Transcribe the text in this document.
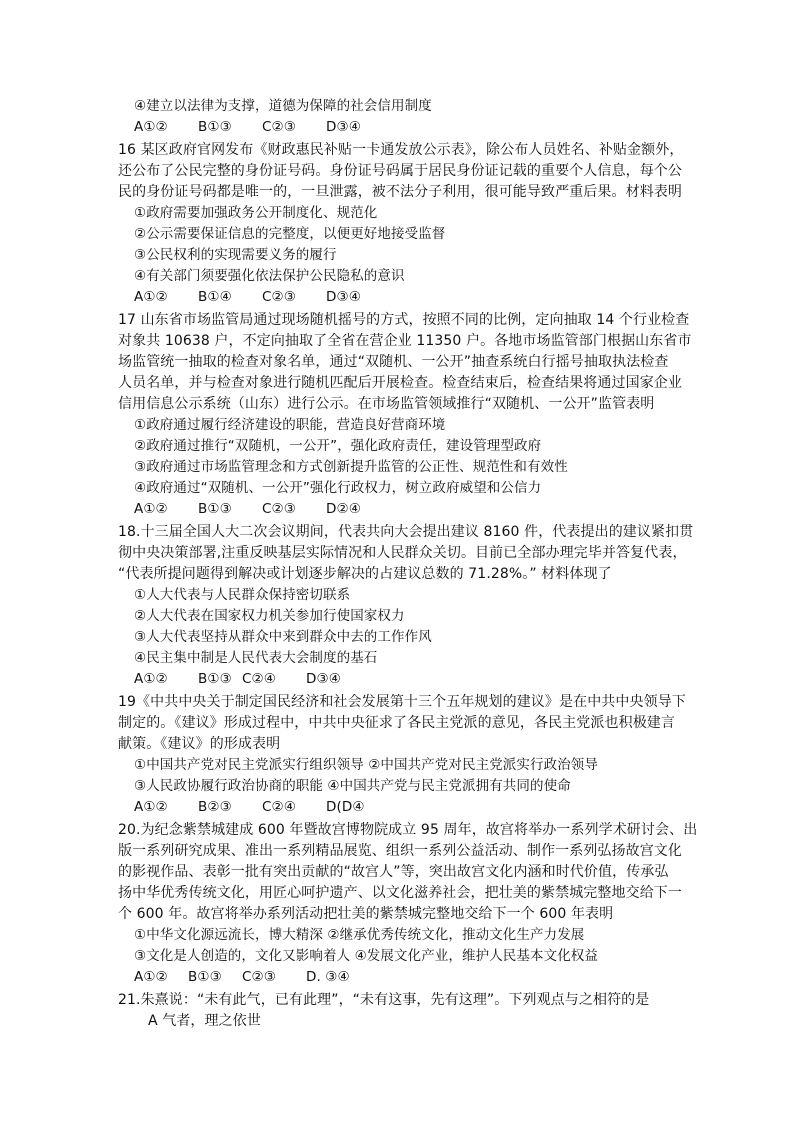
④建立以法律为支撑，道德为保障的社会信用制度
A①② B①③ C②③ D③④
16 某区政府官网发布《财政惠民补贴一卡通发放公示表》，除公布人员姓名、补贴金额外，
还公布了公民完整的身份证号码。身份证号码属于居民身份证记载的重要个人信息，每个公
民的身份证号码都是唯一的，一旦泄露，被不法分子利用，很可能导致严重后果。材料表明
①政府需要加强政务公开制度化、规范化
②公示需要保证信息的完整度，以便更好地接受监督
③公民权利的实现需要义务的履行
④有关部门须要强化依法保护公民隐私的意识
A①② B①④ C②③ D③④
17 山东省市场监管局通过现场随机摇号的方式，按照不同的比例，定向抽取 14 个行业检查
对象共 10638 户，不定向抽取了全省在营企业 11350 户。各地市场监管部门根据山东省市
场监管统一抽取的检查对象名单，通过“双随机、一公开”抽查系统白行摇号抽取执法检查
人员名单，并与检查对象进行随机匹配后开展检查。检查结束后，检查结果将通过国家企业
信用信息公示系统（山东）进行公示。在市场监管领域推行“双随机、一公开”监管表明
①政府通过履行经济建设的职能，营造良好营商环境
②政府通过推行“双随机，一公开”，强化政府责任，建设管理型政府
③政府通过市场监管理念和方式创新提升监管的公正性、规范性和有效性
④政府通过“双随机、一公开”强化行政权力，树立政府威望和公信力
A①② B①③ C②③ D②④
18.十三届全国人大二次会议期间，代表共向大会提出建议 8160 件，代表提出的建议紧扣贯
彻中央决策部署,注重反映基层实际情况和人民群众关切。目前已全部办理完毕并答复代表，
“代表所提问题得到解决或计划逐步解决的占建议总数的 71.28%。” 材料体现了
①人大代表与人民群众保持密切联系
②人大代表在国家权力机关参加行使国家权力
③人大代表坚持从群众中来到群众中去的工作作风
④民主集中制是人民代表大会制度的基石
A①② B①③ C②④ D③④
19《中共中央关于制定国民经济和社会发展第十三个五年规划的建议》是在中共中央领导下
制定的。《建议》形成过程中，中共中央征求了各民主党派的意见，各民主党派也积极建言
献策。《建议》的形成表明
①中国共产党对民主党派实行组织领导 ②中国共产党对民主党派实行政治领导
③人民政协履行政治协商的职能 ④中国共产党与民主党派拥有共同的使命
A①② B②③ C②④ D(D④
20.为纪念紫禁城建成 600 年暨故宫博物院成立 95 周年，故宫将举办一系列学术研讨会、出
版一系列研究成果、准出一系列精品展览、组织一系列公益活动、制作一系列弘扬故宫文化
的影视作品、表彰一批有突出贡献的“故宫人”等，突出故宫文化内涵和时代价值，传承弘
扬中华优秀传统文化，用匠心呵护遗产、以文化滋养社会，把壮美的紫禁城完整地交给下一
个 600 年。故宫将举办系列活动把壮美的紫禁城完整地交给下一个 600 年表明
①中华文化源远流长，博大精深 ②继承优秀传统文化，推动文化生产力发展
③文化是人创造的，文化又影响着人 ④发展文化产业，维护人民基本文化权益
A①② B①③ C②③ D. ③④
21.朱熹说：“未有此气，已有此理”，“未有这事，先有这理”。下列观点与之相符的是
A 气者，理之依世
